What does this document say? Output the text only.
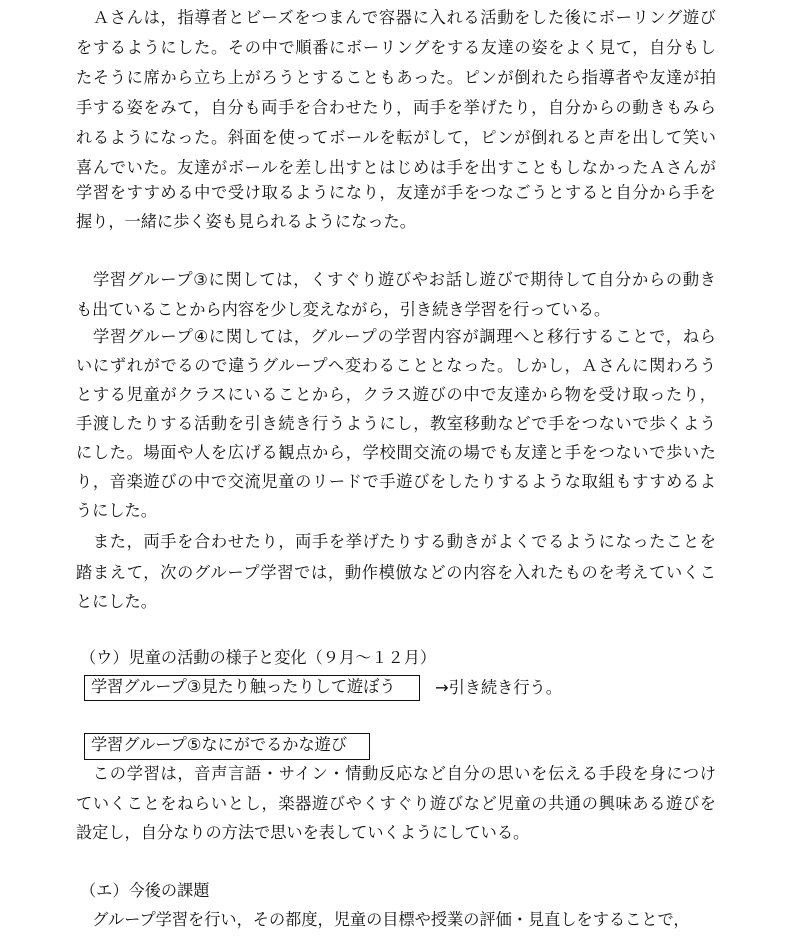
　Ａさんは，指導者とビーズをつまんで容器に入れる活動をした後にボーリング遊び
をするようにした。その中で順番にボーリングをする友達の姿をよく見て，自分もし
たそうに席から立ち上がろうとすることもあった。ピンが倒れたら指導者や友達が拍
手する姿をみて，自分も両手を合わせたり，両手を挙げたり，自分からの動きもみら
れるようになった。斜面を使ってボールを転がして，ピンが倒れると声を出して笑い
喜んでいた。友達がボールを差し出すとはじめは手を出すこともしなかったＡさんが
学習をすすめる中で受け取るようになり，友達が手をつなごうとすると自分から手を
握り，一緒に歩く姿も見られるようになった。
　学習グループ③に関しては，くすぐり遊びやお話し遊びで期待して自分からの動き
も出ていることから内容を少し変えながら，引き続き学習を行っている。
　学習グループ④に関しては，グループの学習内容が調理へと移行することで，ねら
いにずれがでるので違うグループへ変わることとなった。しかし，Ａさんに関わろう
とする児童がクラスにいることから，クラス遊びの中で友達から物を受け取ったり，
手渡したりする活動を引き続き行うようにし，教室移動などで手をつないで歩くよう
にした。場面や人を広げる観点から，学校間交流の場でも友達と手をつないで歩いた
り，音楽遊びの中で交流児童のリードで手遊びをしたりするような取組もすすめるよ
うにした。
　また，両手を合わせたり，両手を挙げたりする動きがよくでるようになったことを
踏まえて，次のグループ学習では，動作模倣などの内容を入れたものを考えていくこ
とにした。
（ウ）児童の活動の様子と変化（９月～１２月）
学習グループ③見たり触ったりして遊ぼう	→引き続き行う。
学習グループ⑤なにがでるかな遊び
　この学習は，音声言語・サイン・情動反応など自分の思いを伝える手段を身につけ
ていくことをねらいとし，楽器遊びやくすぐり遊びなど児童の共通の興味ある遊びを
設定し，自分なりの方法で思いを表していくようにしている。
（エ）今後の課題
　グループ学習を行い，その都度，児童の目標や授業の評価・見直しをすることで，
